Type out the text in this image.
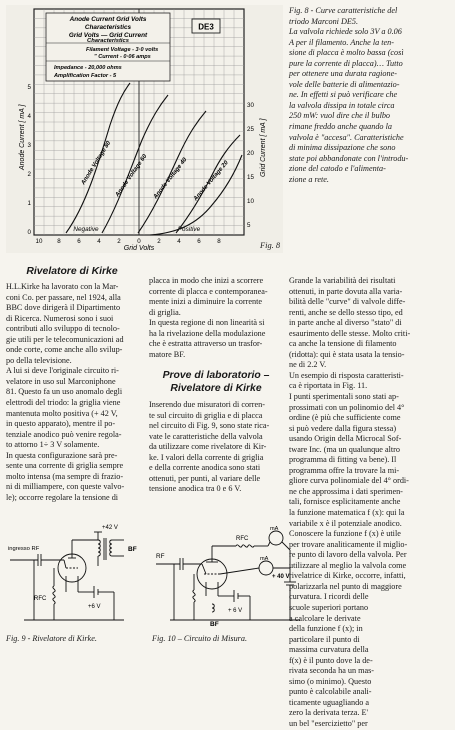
Anode Current Grid Volts
Characteristics
Grid Volts — Grid Current
Characteristics
Filament Voltage - 3·0 volts
" Current - 0·06 amps
Impedance - 20,000 ohms
Amplification Factor - 5
DE3
Anode Current [ mA ]	Grid Current [ mA ]
Grid Volts
Negative	Positive
5
4
3
2
1
0
30
25
20
15
10
5
10 8	6	4	2	0	2	4	6	8
Anode Voltage 80 Anode Voltage 60 Anode Voltage 40 Anode Voltage 20
Fig. 8
Fig. 8 - Curve caratteristiche del
triodo Marconi DE5.
La valvola richiede solo 3V a 0.06
A per il filamento. Anche la ten-
sione di placca è molto bassa (così
pure la corrente di placca)… Tutto
per ottenere una durata ragione-
vole delle batterie di alimentazio-
ne. In effetti si può verificare che
la valvola dissipa in totale circa
250 mW: vuol dire che il bulbo
rimane freddo anche quando la
valvola è "accesa". Caratteristiche
di minima dissipazione che sono
state poi abbandonate con l'introdu-
zione del catodo e l'alimenta-
zione a rete.
Grande la variabilità dei risultati
ottenuti, in parte dovuta alla varia-
bilità delle "curve" di valvole diffe-
renti, anche se dello stesso tipo, ed
in parte anche al diverso "stato" di
esaurimento delle stesse. Molto criti-
ca anche la tensione di filamento
(ridotta): qui è stata usata la tensio-
ne di 2.2 V.
Un esempio di risposta caratteristi-
ca è riportata in Fig. 11.
I punti sperimentali sono stati ap-
prossimati con un polinomio del 4°
ordine (è più che sufficiente come
si può vedere dalla figura stessa)
usando Origin della Microcal Sof-
tware Inc. (ma un qualunque altro
programma di fitting va bene). Il
programma offre la trovare la mi-
gliore curva polinomiale del 4° ordi-
ne che approssima i dati sperimen-
tali, fornisce esplicitamente anche
la funzione matematica f (x): qui la
variabile x è il potenziale anodico.
Conoscere la funzione f (x) è utile
per trovare analiticamente il miglio-
re punto di lavoro della valvola. Per
utilizzare al meglio la valvola come
rivelatrice di Kirke, occorre, infatti,
polarizzarla nel punto di maggiore
curvatura. I ricordi delle
scuole superiori portano
a calcolare le derivate
della funzione f (x); in
particolare il punto di
massima curvatura della
f(x) è il punto dove la de-
rivata seconda ha un mas-
simo (o minimo). Questo
punto è calcolabile anali-
ticamente uguagliando a
zero la derivata terza. E'
un bel "esercizietto" per
Rivelatore di Kirke
H.L.Kirke ha lavorato con la Mar-
coni Co. per passare, nel 1924, alla
BBC dove dirigerà il Dipartimento
di Ricerca. Numerosi sono i suoi
contributi allo sviluppo di tecnolo-
gie utili per le telecomunicazioni ad
onde corte, come anche allo svilup-
po della televisione.
A lui si deve l'originale circuito ri-
velatore in uso sul Marconiphone
81. Questo fa un uso anomalo degli
elettrodi del triodo: la griglia viene
mantenuta molto positiva (+ 42 V,
in questo apparato), mentre il po-
tenziale anodico può venire regola-
to attorno 1÷ 3 V solamente.
In questa configurazione sarà pre-
sente una corrente di griglia sempre
molto intensa (ma sempre di frazio-
ni di milliampere, con queste valvo-
le); occorre regolare la tensione di
placca in modo che inizi a scorrere
corrente di placca e contemporanea-
mente inizi a diminuire la corrente
di griglia.
In questa regione di non linearità si
ha la rivelazione della modulazione
che è estratta attraverso un trasfor-
matore BF.
Prove di laboratorio –
Rivelatore di Kirke
Inserendo due misuratori di corren-
te sul circuito di griglia e di placca
nel circuito di Fig. 9, sono state rica-
vate le caratteristiche della valvola
da utilizzare come rivelatore di Kir-
ke. I valori della corrente di griglia
e della corrente anodica sono stati
ottenuti, per punti, al variare delle
tensione anodica tra 0 e 6 V.
ingresso RF
RFC
+42 V
+6 V
BF
Fig. 9 - Rivelatore di Kirke.
RF
RFC
mA
mA
+ 40 V
+ 6 V
BF
Fig. 10 – Circuito di Misura.
